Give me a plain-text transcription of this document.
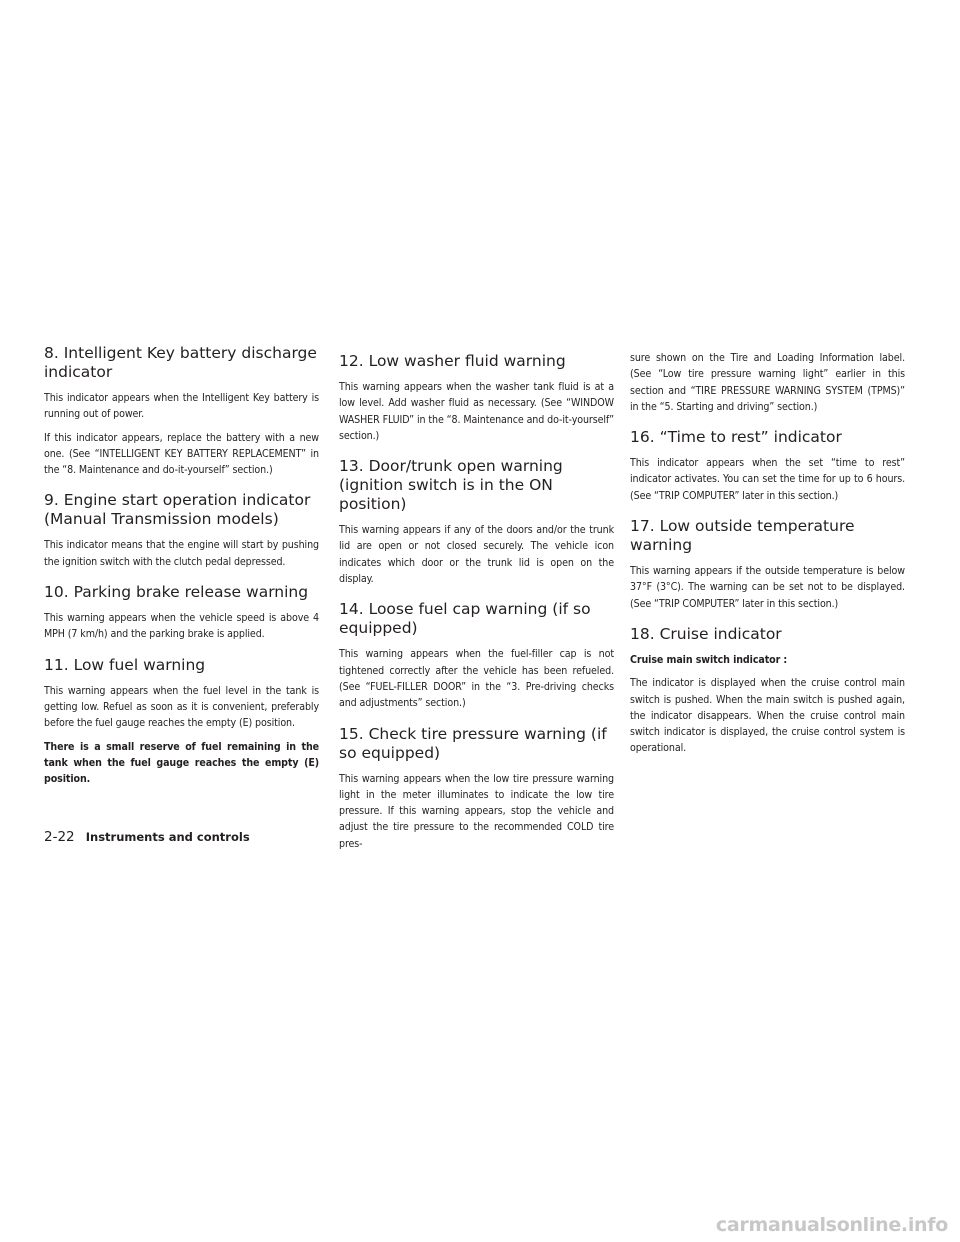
8. Intelligent Key battery discharge indicator

This indicator appears when the Intelligent Key battery is running out of power.

If this indicator appears, replace the battery with a new one. (See “INTELLIGENT KEY BATTERY REPLACEMENT” in the “8. Maintenance and do-it-yourself” section.)

9. Engine start operation indicator (Manual Transmission models)

This indicator means that the engine will start by pushing the ignition switch with the clutch pedal depressed.

10. Parking brake release warning

This warning appears when the vehicle speed is above 4 MPH (7 km/h) and the parking brake is applied.

11. Low fuel warning

This warning appears when the fuel level in the tank is getting low. Refuel as soon as it is convenient, preferably before the fuel gauge reaches the empty (E) position.

There is a small reserve of fuel remaining in the tank when the fuel gauge reaches the empty (E) position.

12. Low washer fluid warning

This warning appears when the washer tank fluid is at a low level. Add washer fluid as necessary. (See “WINDOW WASHER FLUID” in the “8. Maintenance and do-it-yourself” section.)

13. Door/trunk open warning (ignition switch is in the ON position)

This warning appears if any of the doors and/or the trunk lid are open or not closed securely. The vehicle icon indicates which door or the trunk lid is open on the display.

14. Loose fuel cap warning (if so equipped)

This warning appears when the fuel-filler cap is not tightened correctly after the vehicle has been refueled. (See “FUEL-FILLER DOOR” in the “3. Pre-driving checks and adjustments” section.)

15. Check tire pressure warning (if so equipped)

This warning appears when the low tire pressure warning light in the meter illuminates to indicate the low tire pressure. If this warning appears, stop the vehicle and adjust the tire pressure to the recommended COLD tire pres-

sure shown on the Tire and Loading Information label. (See “Low tire pressure warning light” earlier in this section and “TIRE PRESSURE WARNING SYSTEM (TPMS)” in the “5. Starting and driving” section.)

16. “Time to rest” indicator

This indicator appears when the set “time to rest” indicator activates. You can set the time for up to 6 hours. (See “TRIP COMPUTER” later in this section.)

17. Low outside temperature warning

This warning appears if the outside temperature is below 37°F (3°C). The warning can be set not to be displayed. (See “TRIP COMPUTER” later in this section.)

18. Cruise indicator

Cruise main switch indicator :

The indicator is displayed when the cruise control main switch is pushed. When the main switch is pushed again, the indicator disappears. When the cruise control main switch indicator is displayed, the cruise control system is operational.

2-22 Instruments and controls
carmanualsonline.info
